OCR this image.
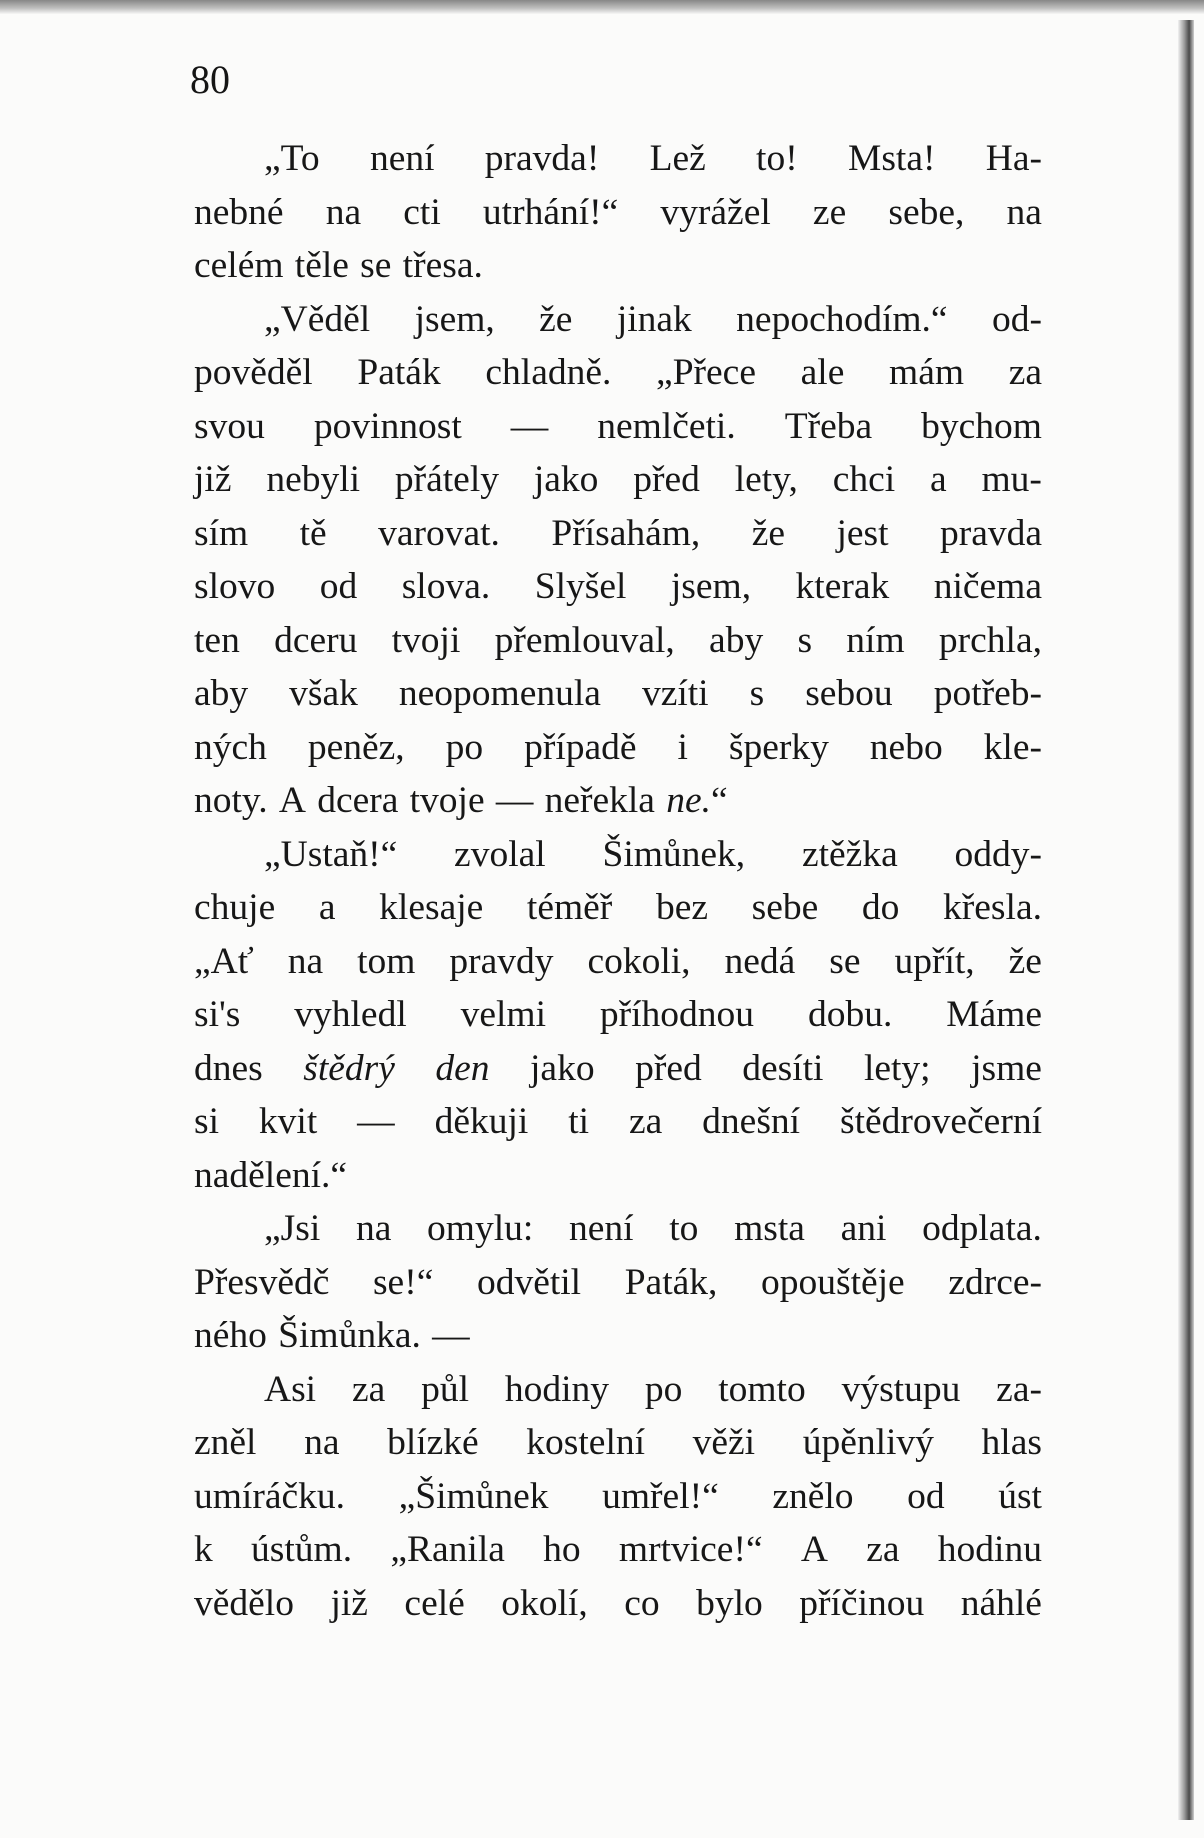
80
„To není pravda! Lež to! Msta! Ha-
nebné na cti utrhání!“ vyrážel ze sebe, na
celém těle se třesa.
„Věděl jsem, že jinak nepochodím.“ od-
pověděl Paták chladně. „Přece ale mám za
svou povinnost — nemlčeti. Třeba bychom
již nebyli přátely jako před lety, chci a mu-
sím tě varovat. Přísahám, že jest pravda
slovo od slova. Slyšel jsem, kterak ničema
ten dceru tvoji přemlouval, aby s ním prchla,
aby však neopomenula vzíti s sebou potřeb-
ných peněz, po případě i šperky nebo kle-
noty. A dcera tvoje — neřekla ne.“
„Ustaň!“ zvolal Šimůnek, ztěžka oddy-
chuje a klesaje téměř bez sebe do křesla.
„Ať na tom pravdy cokoli, nedá se upřít, že
si's vyhledl velmi příhodnou dobu. Máme
dnes štědrý den jako před desíti lety; jsme
si kvit — děkuji ti za dnešní štědrovečerní
nadělení.“
„Jsi na omylu: není to msta ani odplata.
Přesvědč se!“ odvětil Paták, opouštěje zdrce-
ného Šimůnka. —
Asi za půl hodiny po tomto výstupu za-
zněl na blízké kostelní věži úpěnlivý hlas
umíráčku. „Šimůnek umřel!“ znělo od úst
k ústům. „Ranila ho mrtvice!“ A za hodinu
vědělo již celé okolí, co bylo příčinou náhlé
